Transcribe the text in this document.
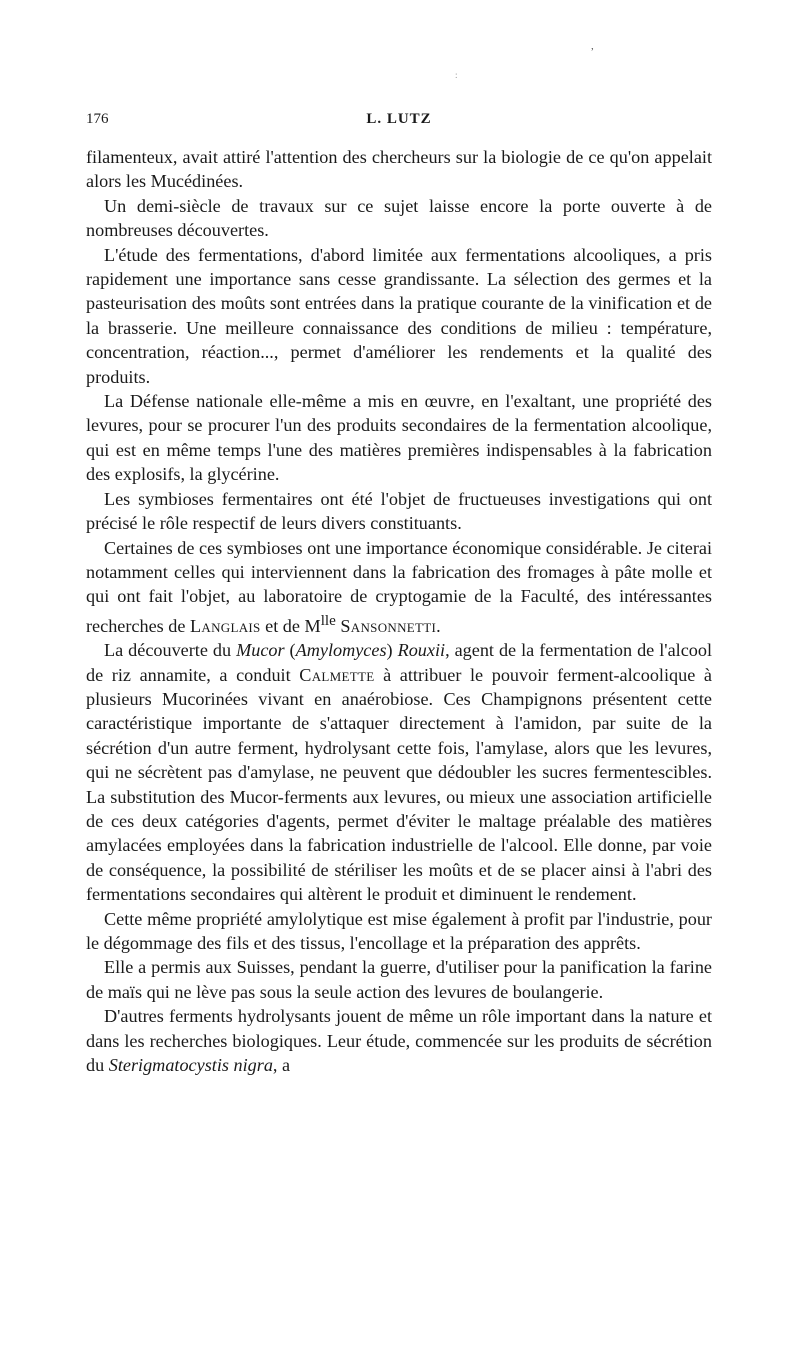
,
:
176	L. LUTZ

filamenteux, avait attiré l'attention des chercheurs sur la biologie de ce qu'on appelait alors les Mucédinées.

Un demi-siècle de travaux sur ce sujet laisse encore la porte ouverte à de nombreuses découvertes.

L'étude des fermentations, d'abord limitée aux fermentations alcooliques, a pris rapidement une importance sans cesse grandissante. La sélection des germes et la pasteurisation des moûts sont entrées dans la pratique courante de la vinification et de la brasserie. Une meilleure connaissance des conditions de milieu : température, concentration, réaction..., permet d'améliorer les rendements et la qualité des produits.

La Défense nationale elle-même a mis en œuvre, en l'exaltant, une propriété des levures, pour se procurer l'un des produits secondaires de la fermentation alcoolique, qui est en même temps l'une des matières premières indispensables à la fabrication des explosifs, la glycérine.

Les symbioses fermentaires ont été l'objet de fructueuses investigations qui ont précisé le rôle respectif de leurs divers constituants.

Certaines de ces symbioses ont une importance économique considérable. Je citerai notamment celles qui interviennent dans la fabrication des fromages à pâte molle et qui ont fait l'objet, au laboratoire de cryptogamie de la Faculté, des intéressantes recherches de Langlais et de $M^{lle}$ Sansonnetti.

La découverte du Mucor (Amylomyces) Rouxii, agent de la fermentation de l'alcool de riz annamite, a conduit Calmette à attribuer le pouvoir ferment-alcoolique à plusieurs Mucorinées vivant en anaérobiose. Ces Champignons présentent cette caractéristique importante de s'attaquer directement à l'amidon, par suite de la sécrétion d'un autre ferment, hydrolysant cette fois, l'amylase, alors que les levures, qui ne sécrètent pas d'amylase, ne peuvent que dédoubler les sucres fermentescibles. La substitution des Mucor-ferments aux levures, ou mieux une association artificielle de ces deux catégories d'agents, permet d'éviter le maltage préalable des matières amylacées employées dans la fabrication industrielle de l'alcool. Elle donne, par voie de conséquence, la possibilité de stériliser les moûts et de se placer ainsi à l'abri des fermentations secondaires qui altèrent le produit et diminuent le rendement.

Cette même propriété amylolytique est mise également à profit par l'industrie, pour le dégommage des fils et des tissus, l'encollage et la préparation des apprêts.

Elle a permis aux Suisses, pendant la guerre, d'utiliser pour la panification la farine de maïs qui ne lève pas sous la seule action des levures de boulangerie.

D'autres ferments hydrolysants jouent de même un rôle important dans la nature et dans les recherches biologiques. Leur étude, commencée sur les produits de sécrétion du Sterigmatocystis nigra, a
